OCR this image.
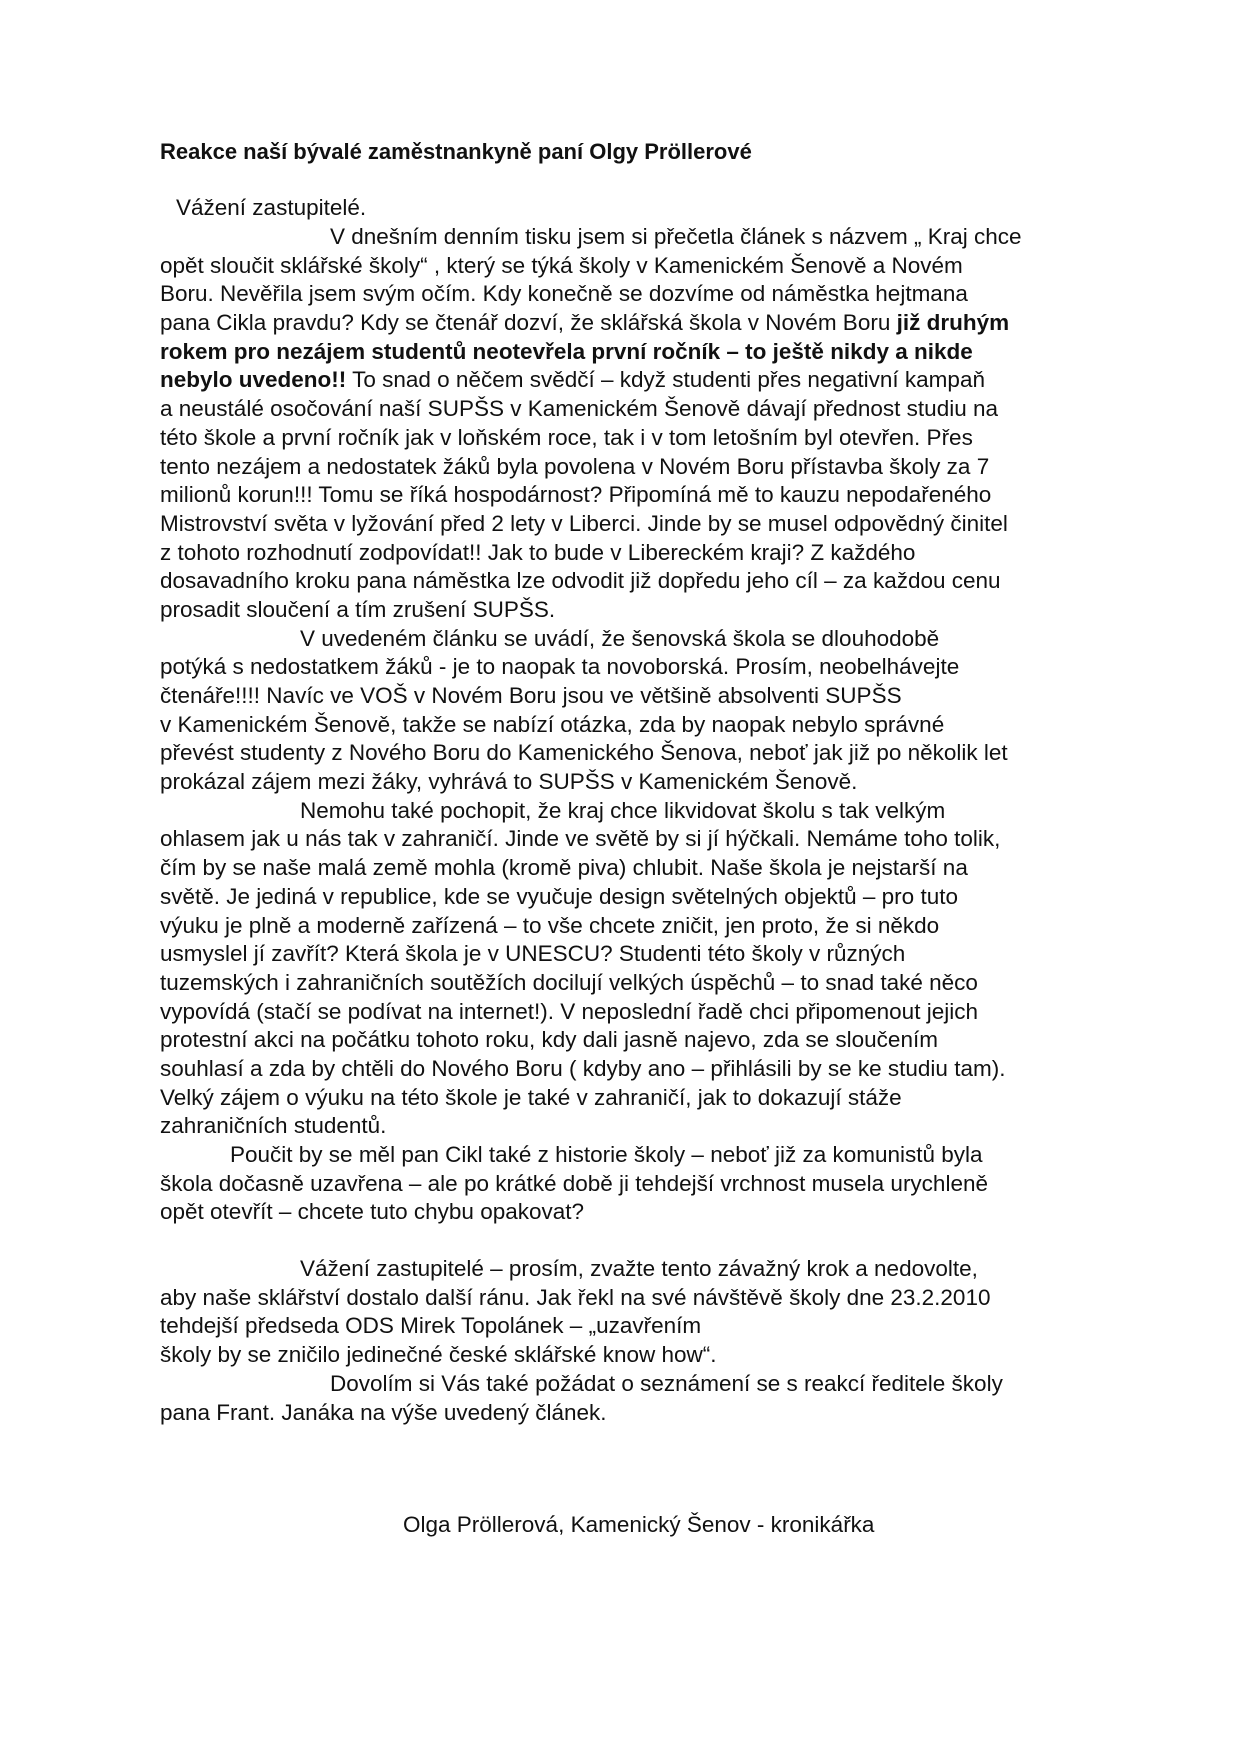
Reakce naší bývalé zaměstnankyně paní Olgy Prӧllerové
Vážení zastupitelé.
V dnešním denním tisku jsem si přečetla článek s názvem „ Kraj chce
opět sloučit sklářské školy“ , který se týká školy v Kamenickém Šenově a Novém
Boru. Nevěřila jsem svým očím. Kdy konečně se dozvíme od náměstka hejtmana
pana Cikla pravdu? Kdy se čtenář dozví, že sklářská škola v Novém Boru již druhým
rokem pro nezájem studentů neotevřela první ročník – to ještě nikdy a nikde
nebylo uvedeno!! To snad o něčem svědčí – když studenti přes negativní kampaň
a neustálé osočování naší SUPŠS v Kamenickém Šenově dávají přednost studiu na
této škole a první ročník jak v loňském roce, tak i v tom letošním byl otevřen. Přes
tento nezájem a nedostatek žáků byla povolena v Novém Boru přístavba školy za 7
milionů korun!!! Tomu se říká hospodárnost? Připomíná mě to kauzu nepodařeného
Mistrovství světa v lyžování před 2 lety v Liberci. Jinde by se musel odpovědný činitel
z tohoto rozhodnutí zodpovídat!! Jak to bude v Libereckém kraji? Z každého
dosavadního kroku pana náměstka lze odvodit již dopředu jeho cíl – za každou cenu
prosadit sloučení a tím zrušení SUPŠS.
V uvedeném článku se uvádí, že šenovská škola se dlouhodobě
potýká s nedostatkem žáků - je to naopak ta novoborská. Prosím, neobelhávejte
čtenáře!!!! Navíc ve VOŠ v Novém Boru jsou ve většině absolventi SUPŠS
v Kamenickém Šenově, takže se nabízí otázka, zda by naopak nebylo správné
převést studenty z Nového Boru do Kamenického Šenova, neboť jak již po několik let
prokázal zájem mezi žáky, vyhrává to SUPŠS v Kamenickém Šenově.
Nemohu také pochopit, že kraj chce likvidovat školu s tak velkým
ohlasem jak u nás tak v zahraničí. Jinde ve světě by si jí hýčkali. Nemáme toho tolik,
čím by se naše malá země mohla (kromě piva) chlubit. Naše škola je nejstarší na
světě. Je jediná v republice, kde se vyučuje design světelných objektů – pro tuto
výuku je plně a moderně zařízená – to vše chcete zničit, jen proto, že si někdo
usmyslel jí zavřít? Která škola je v UNESCU? Studenti této školy v různých
tuzemských i zahraničních soutěžích docilují velkých úspěchů – to snad také něco
vypovídá (stačí se podívat na internet!). V neposlední řadě chci připomenout jejich
protestní akci na počátku tohoto roku, kdy dali jasně najevo, zda se sloučením
souhlasí a zda by chtěli do Nového Boru ( kdyby ano – přihlásili by se ke studiu tam).
Velký zájem o výuku na této škole je také v zahraničí, jak to dokazují stáže
zahraničních studentů.
Poučit by se měl pan Cikl také z historie školy – neboť již za komunistů byla
škola dočasně uzavřena – ale po krátké době ji tehdejší vrchnost musela urychleně
opět otevřít – chcete tuto chybu opakovat?
Vážení zastupitelé – prosím, zvažte tento závažný krok a nedovolte,
aby naše sklářství dostalo další ránu. Jak řekl na své návštěvě školy dne 23.2.2010
tehdejší předseda ODS Mirek Topolánek – „uzavřením
školy by se zničilo jedinečné české sklářské know how“.
Dovolím si Vás také požádat o seznámení se s reakcí ředitele školy
pana Frant. Janáka na výše uvedený článek.
Olga Prӧllerová, Kamenický Šenov - kronikářka
